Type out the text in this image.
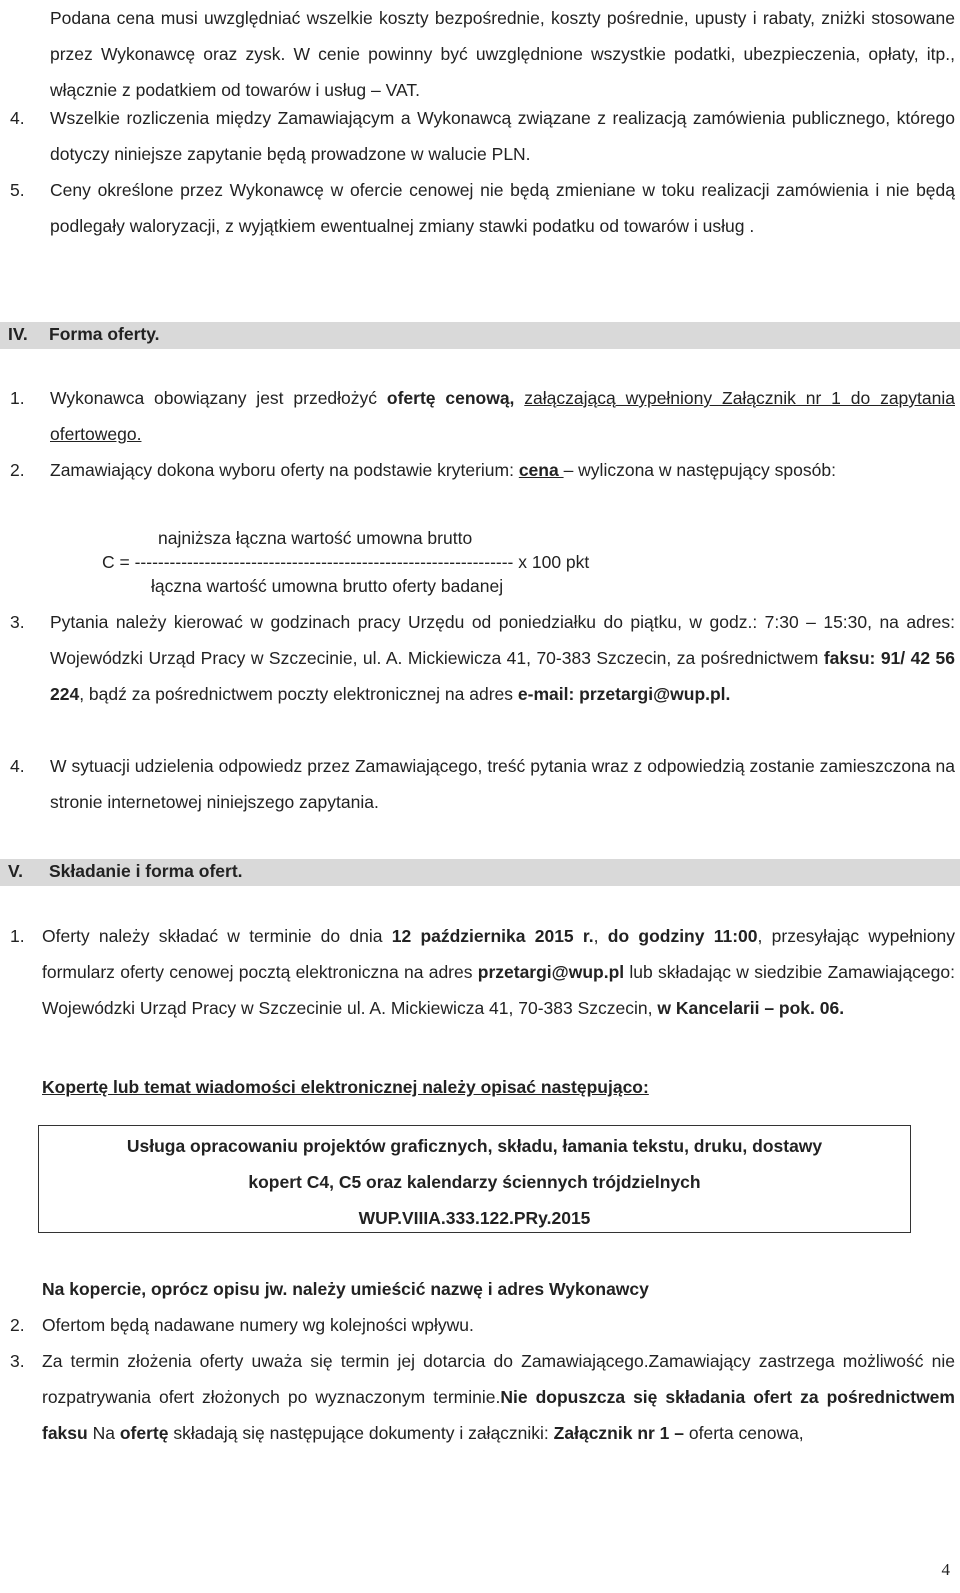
Podana cena musi uwzględniać wszelkie koszty bezpośrednie, koszty pośrednie, upusty i rabaty, zniżki stosowane przez Wykonawcę oraz zysk. W cenie powinny być uwzględnione wszystkie podatki, ubezpieczenia, opłaty, itp., włącznie z podatkiem od towarów i usług – VAT.
4. Wszelkie rozliczenia między Zamawiającym a Wykonawcą związane z realizacją zamówienia publicznego, którego dotyczy niniejsze zapytanie będą prowadzone w walucie PLN.
5. Ceny określone przez Wykonawcę w ofercie cenowej nie będą zmieniane w toku realizacji zamówienia i nie będą podlegały waloryzacji, z wyjątkiem ewentualnej zmiany stawki podatku od towarów i usług .
IV. Forma oferty.
1. Wykonawca obowiązany jest przedłożyć ofertę cenową, załączającą wypełniony Załącznik nr 1 do zapytania ofertowego.
2. Zamawiający dokona wyboru oferty na podstawie kryterium: cena – wyliczona w następujący sposób:
najniższa łączna wartość umowna brutto
C = ----------------------------------------------------------------- x 100 pkt
łączna wartość umowna brutto oferty badanej
3. Pytania należy kierować w godzinach pracy Urzędu od poniedziałku do piątku, w godz.: 7:30 – 15:30, na adres: Wojewódzki Urząd Pracy w Szczecinie, ul. A. Mickiewicza 41, 70-383 Szczecin, za pośrednictwem faksu: 91/ 42 56 224, bądź za pośrednictwem poczty elektronicznej na adres e-mail: przetargi@wup.pl.
4. W sytuacji udzielenia odpowiedz przez Zamawiającego, treść pytania wraz z odpowiedzią zostanie zamieszczona na stronie internetowej niniejszego zapytania.
V. Składanie i forma ofert.
1. Oferty należy składać w terminie do dnia 12 października 2015 r., do godziny 11:00, przesyłając wypełniony formularz oferty cenowej pocztą elektroniczna na adres przetargi@wup.pl lub składając w siedzibie Zamawiającego: Wojewódzki Urząd Pracy w Szczecinie ul. A. Mickiewicza 41, 70-383 Szczecin, w Kancelarii – pok. 06.
Kopertę lub temat wiadomości elektronicznej należy opisać następująco:
Usługa opracowaniu projektów graficznych, składu, łamania tekstu, druku, dostawy
kopert C4, C5 oraz kalendarzy ściennych trójdzielnych
WUP.VIIIA.333.122.PRy.2015
Na kopercie, oprócz opisu jw. należy umieścić nazwę i adres Wykonawcy
2. Ofertom będą nadawane numery wg kolejności wpływu.
3. Za termin złożenia oferty uważa się termin jej dotarcia do Zamawiającego.Zamawiający zastrzega możliwość nie rozpatrywania ofert złożonych po wyznaczonym terminie.Nie dopuszcza się składania ofert za pośrednictwem faksu Na ofertę składają się następujące dokumenty i załączniki: Załącznik nr 1 – oferta cenowa,
4
